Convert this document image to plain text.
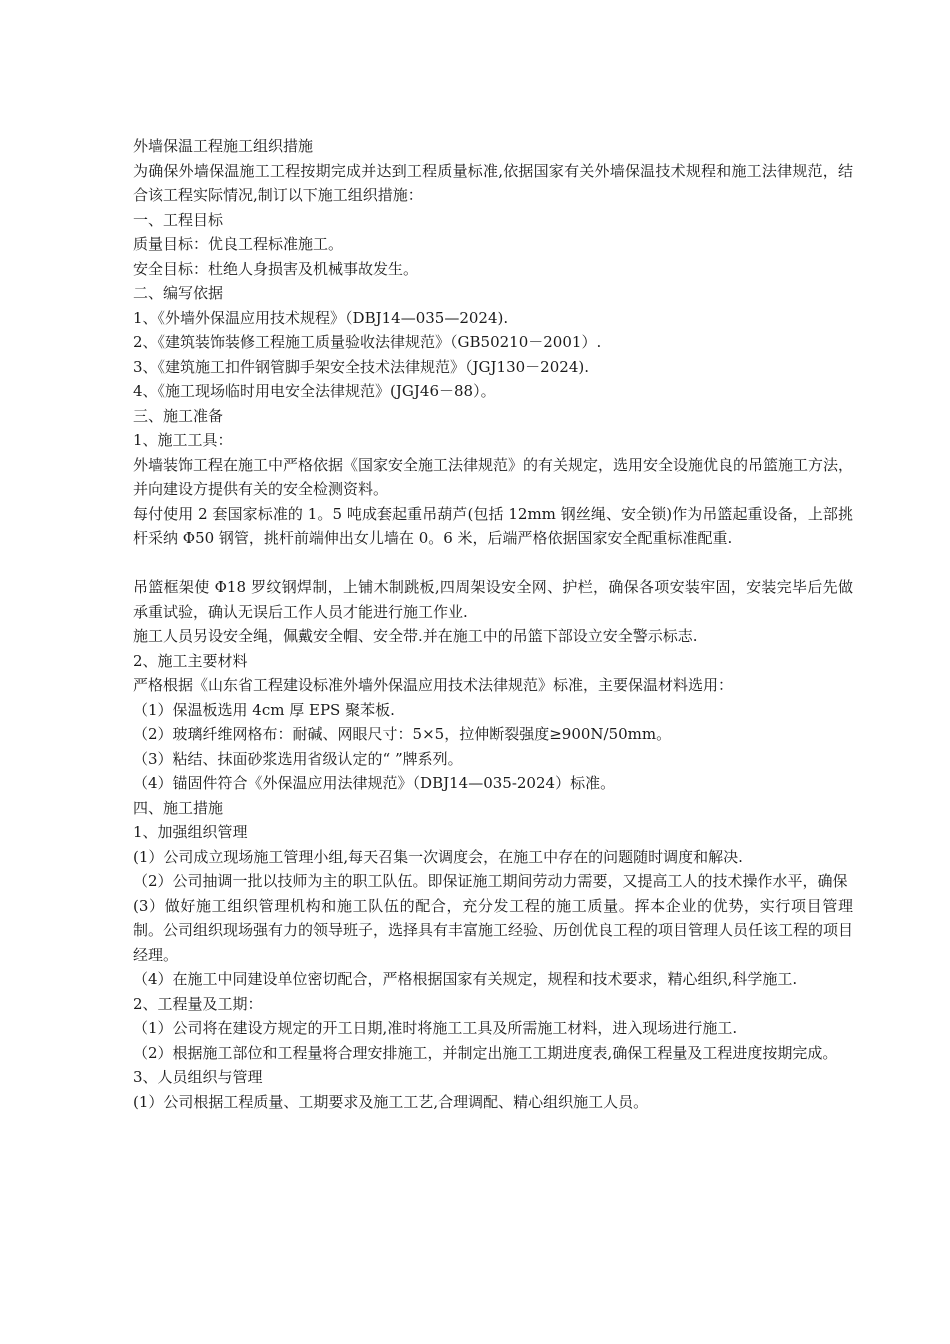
外墙保温工程施工组织措施

为确保外墙保温施工工程按期完成并达到工程质量标准,依据国家有关外墙保温技术规程和施工法律规范，结合该工程实际情况,制订以下施工组织措施：

一、工程目标

质量目标：优良工程标准施工。

安全目标：杜绝人身损害及机械事故发生。

二、编写依据

1、《外墙外保温应用技术规程》（DBJ14—035—2024).

2、《建筑装饰装修工程施工质量验收法律规范》（GB50210－2001）.

3、《建筑施工扣件钢管脚手架安全技术法律规范》（JGJ130－2024).

4、《施工现场临时用电安全法律规范》(JGJ46－88）。

三、施工准备

1、施工工具：

外墙装饰工程在施工中严格依据《国家安全施工法律规范》的有关规定，选用安全设施优良的吊篮施工方法，并向建设方提供有关的安全检测资料。

每付使用 2 套国家标准的 1。5 吨成套起重吊葫芦(包括 12mm 钢丝绳、安全锁)作为吊篮起重设备，上部挑杆采纳 Φ50 钢管，挑杆前端伸出女儿墙在 0。6 米，后端严格依据国家安全配重标准配重.

吊篮框架使 Φ18 罗纹钢焊制，上铺木制跳板,四周架设安全网、护栏，确保各项安装牢固，安装完毕后先做承重试验，确认无误后工作人员才能进行施工作业.

施工人员另设安全绳，佩戴安全帽、安全带.并在施工中的吊篮下部设立安全警示标志.

2、施工主要材料

严格根据《山东省工程建设标准外墙外保温应用技术法律规范》标准，主要保温材料选用：

（1）保温板选用 4cm 厚 EPS 聚苯板.

（2）玻璃纤维网格布：耐碱、网眼尺寸：5×5，拉伸断裂强度≥900N/50mm。

（3）粘结、抹面砂浆选用省级认定的“ ”牌系列。

（4）锚固件符合《外保温应用法律规范》（DBJ14—035-2024）标准。

四、施工措施

1、加强组织管理

(1）公司成立现场施工管理小组,每天召集一次调度会，在施工中存在的问题随时调度和解决.

（2）公司抽调一批以技师为主的职工队伍。即保证施工期间劳动力需要，又提高工人的技术操作水平，确保

(3）做好施工组织管理机构和施工队伍的配合，充分发工程的施工质量。挥本企业的优势，实行项目管理制。公司组织现场强有力的领导班子，选择具有丰富施工经验、历创优良工程的项目管理人员任该工程的项目经理。

（4）在施工中同建设单位密切配合，严格根据国家有关规定，规程和技术要求，精心组织,科学施工.

2、工程量及工期：

（1）公司将在建设方规定的开工日期,准时将施工工具及所需施工材料，进入现场进行施工.

（2）根据施工部位和工程量将合理安排施工，并制定出施工工期进度表,确保工程量及工程进度按期完成。

3、人员组织与管理

(1）公司根据工程质量、工期要求及施工工艺,合理调配、精心组织施工人员。
